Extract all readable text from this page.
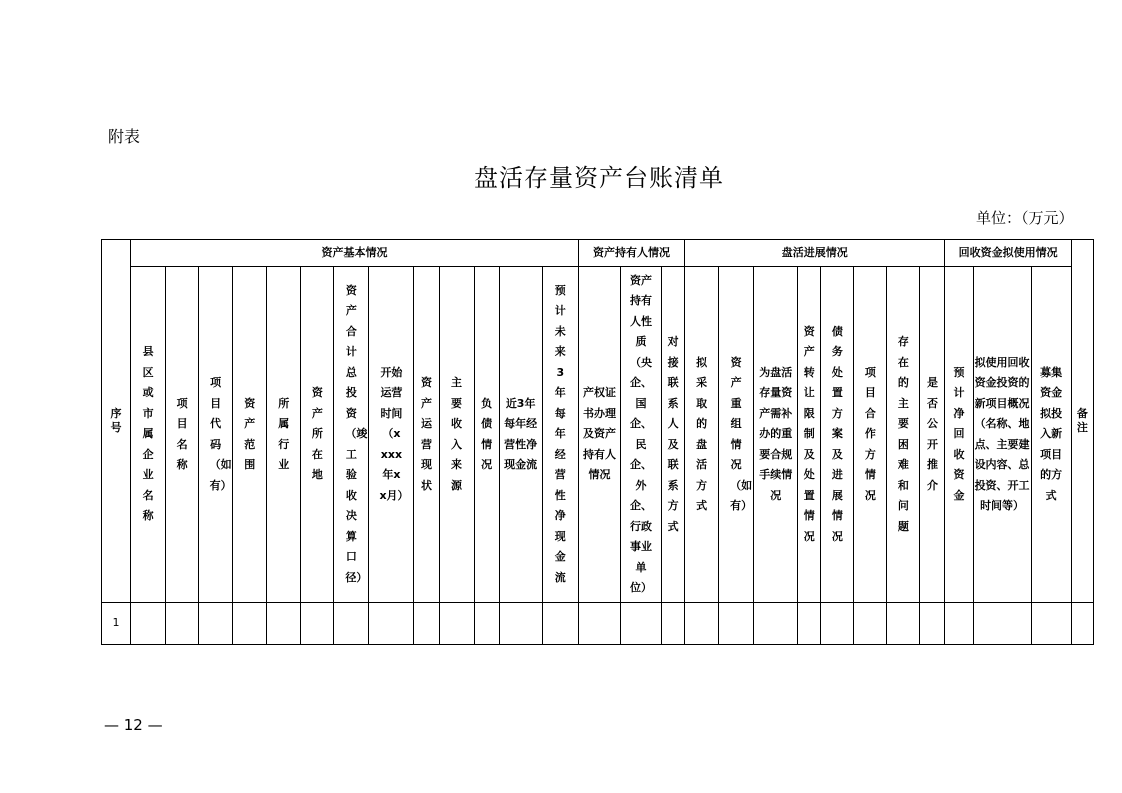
附表
盘活存量资产台账清单
单位：（万元）
序号	资产基本情况													资产持有人情况			盘活进展情况								回收资金拟使用情况			备注

	县区或市属企业名称	项目名称	项目代码（如有）	资产范围	所属行业	资产所在地	资产合计总投资（竣工验收决算口径）	开始运营时间（xxxx年xx月）	资产运营现状	主要收入来源	负债情况	近3年每年经营性净现金流	预计未来3年每年经营性净现金流	产权证书办理及资产持有人情况	资产持有人性质（央企、国企、民企、外企、行政事业单位）	对接联系人及联系方式	拟采取的盘活方式	资产重组情况（如有）	为盘活存量资产需补办的重要合规手续情况	资产转让限制及处置情况	债务处置方案及进展情况	项目合作方情况	存在的主要困难和问题	是否公开推介	预计净回收资金	拟使用回收资金投资的新项目概况（名称、地点、主要建设内容、总投资、开工时间等）	募集资金拟投入新项目的方式	

1																												
— 12 —
